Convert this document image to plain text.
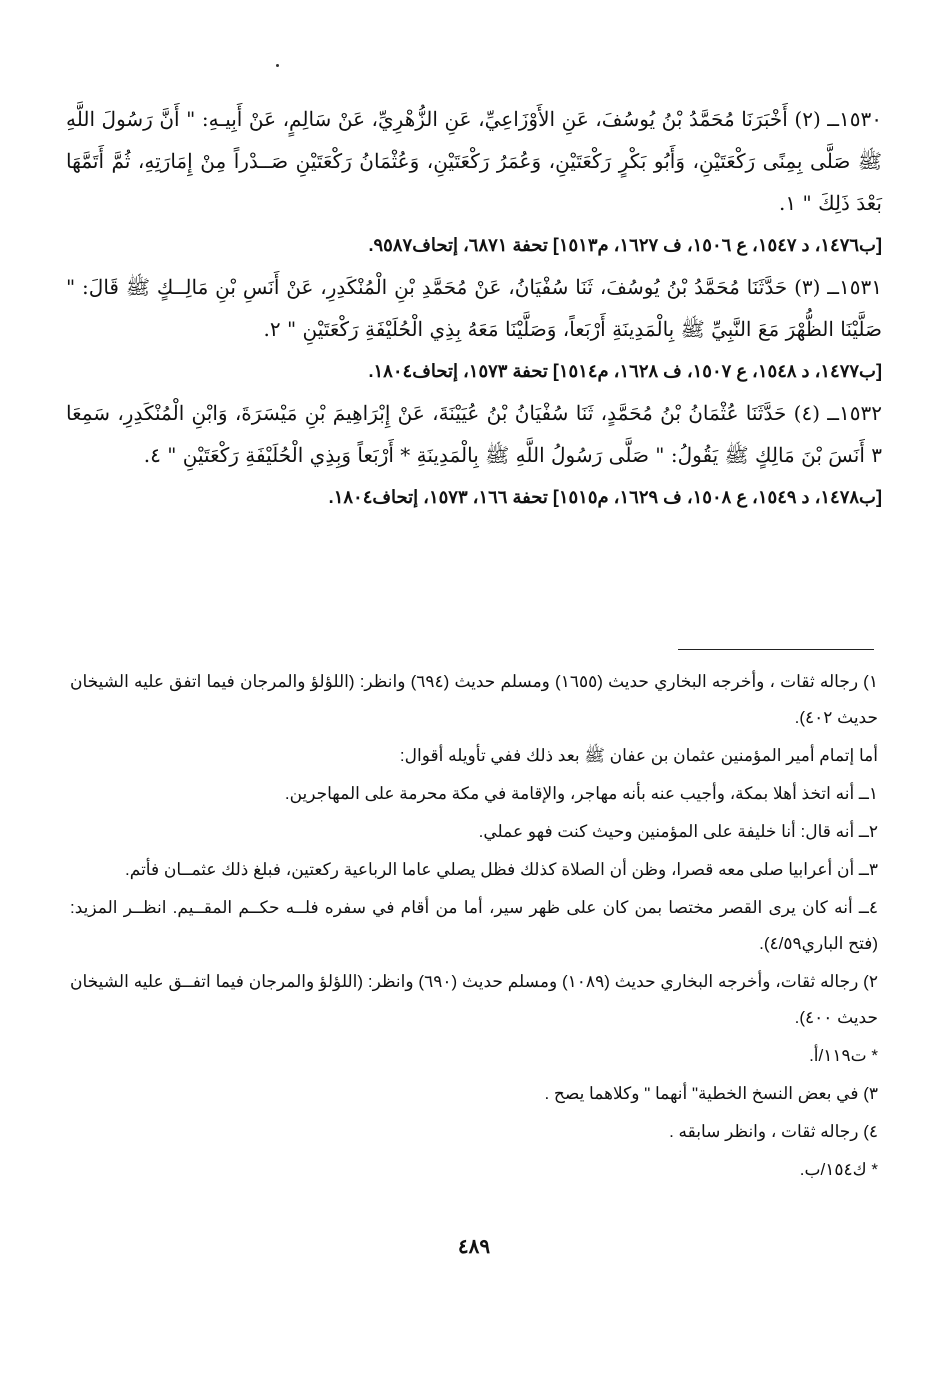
١٥٣٠ــ (٢) أَخْبَرَنَا مُحَمَّدُ بْنُ يُوسُفَ، عَنِ الأَوْزَاعِيِّ، عَنِ الزُّهْرِيِّ، عَنْ سَالِمٍ، عَنْ أَبِيـهِ: " أَنَّ رَسُولَ اللَّهِ ﷺ صَلَّى بِمِنًى رَكْعَتَيْنِ، وَأَبُو بَكْرٍ رَكْعَتَيْنِ، وَعُمَرُ رَكْعَتَيْنِ، وَعُثْمَانُ رَكْعَتَيْنِ صَــدْراً مِنْ إِمَارَتِهِ، ثُمَّ أَتَمَّهَا بَعْدَ ذَلِكَ " ١.

[ب١٤٧٦، د ١٥٤٧، ع ١٥٠٦، ف ١٦٢٧، م١٥١٣] تحفة ٦٨٧١، إتحاف٩٥٨٧.

١٥٣١ــ (٣) حَدَّثَنَا مُحَمَّدُ بْنُ يُوسُفَ، ثَنَا سُفْيَانُ، عَنْ مُحَمَّدِ بْنِ الْمُنْكَدِرِ، عَنْ أَنَسِ بْنِ مَالِــكٍ ﷺ قَالَ: " صَلَّيْنَا الظُّهْرَ مَعَ النَّبِيِّ ﷺ بِالْمَدِينَةِ أَرْبَعاً، وَصَلَّيْنَا مَعَهُ بِذِي الْحُلَيْفَةِ رَكْعَتَيْنِ " ٢.

[ب١٤٧٧، د ١٥٤٨، ع ١٥٠٧، ف ١٦٢٨، م١٥١٤] تحفة ١٥٧٣، إتحاف١٨٠٤.

١٥٣٢ــ (٤) حَدَّثَنَا عُثْمَانُ بْنُ مُحَمَّدٍ، ثَنَا سُفْيَانُ بْنُ عُيَيْنَةَ، عَنْ إِبْرَاهِيمَ بْنِ مَيْسَرَةَ، وَابْنِ الْمُنْكَدِرِ، سَمِعَا ٣ أَنَسَ بْنَ مَالِكٍ ﷺ يَقُولُ: " صَلَّى رَسُولُ اللَّهِ ﷺ بِالْمَدِينَةِ * أَرْبَعاً وَبِذِي الْحُلَيْفَةِ رَكْعَتَيْنِ " ٤.

[ب١٤٧٨، د ١٥٤٩، ع ١٥٠٨، ف ١٦٢٩، م١٥١٥] تحفة ١٦٦، ١٥٧٣، إتحاف١٨٠٤.

١) رجاله ثقات ، وأخرجه البخاري حديث (١٦٥٥) ومسلم حديث (٦٩٤) وانظر: (اللؤلؤ والمرجان فيما اتفق عليه الشيخان حديث ٤٠٢).

أما إتمام أمير المؤمنين عثمان بن عفان ﷺ بعد ذلك ففي تأويله أقوال:

١ــ أنه اتخذ أهلا بمكة، وأجيب عنه بأنه مهاجر، والإقامة في مكة محرمة على المهاجرين.

٢ــ أنه قال: أنا خليفة على المؤمنين وحيث كنت فهو عملي.

٣ــ أن أعرابيا صلى معه قصرا، وظن أن الصلاة كذلك فظل يصلي عاما الرباعية ركعتين، فبلغ ذلك عثمــان فأتم.

٤ــ أنه كان يرى القصر مختصا بمن كان على ظهر سير، أما من أقام في سفره فلــه حكــم المقــيم. انظــر المزيد: (فتح الباري٤/٥٩).

٢) رجاله ثقات، وأخرجه البخاري حديث (١٠٨٩) ومسلم حديث (٦٩٠) وانظر: (اللؤلؤ والمرجان فيما اتفــق عليه الشيخان حديث ٤٠٠).

* ت١١٩/أ.

٣) في بعض النسخ الخطية" أنهما " وكلاهما يصح .

٤) رجاله ثقات ، وانظر سابقه .

* ك١٥٤/ب.

٤٨٩
